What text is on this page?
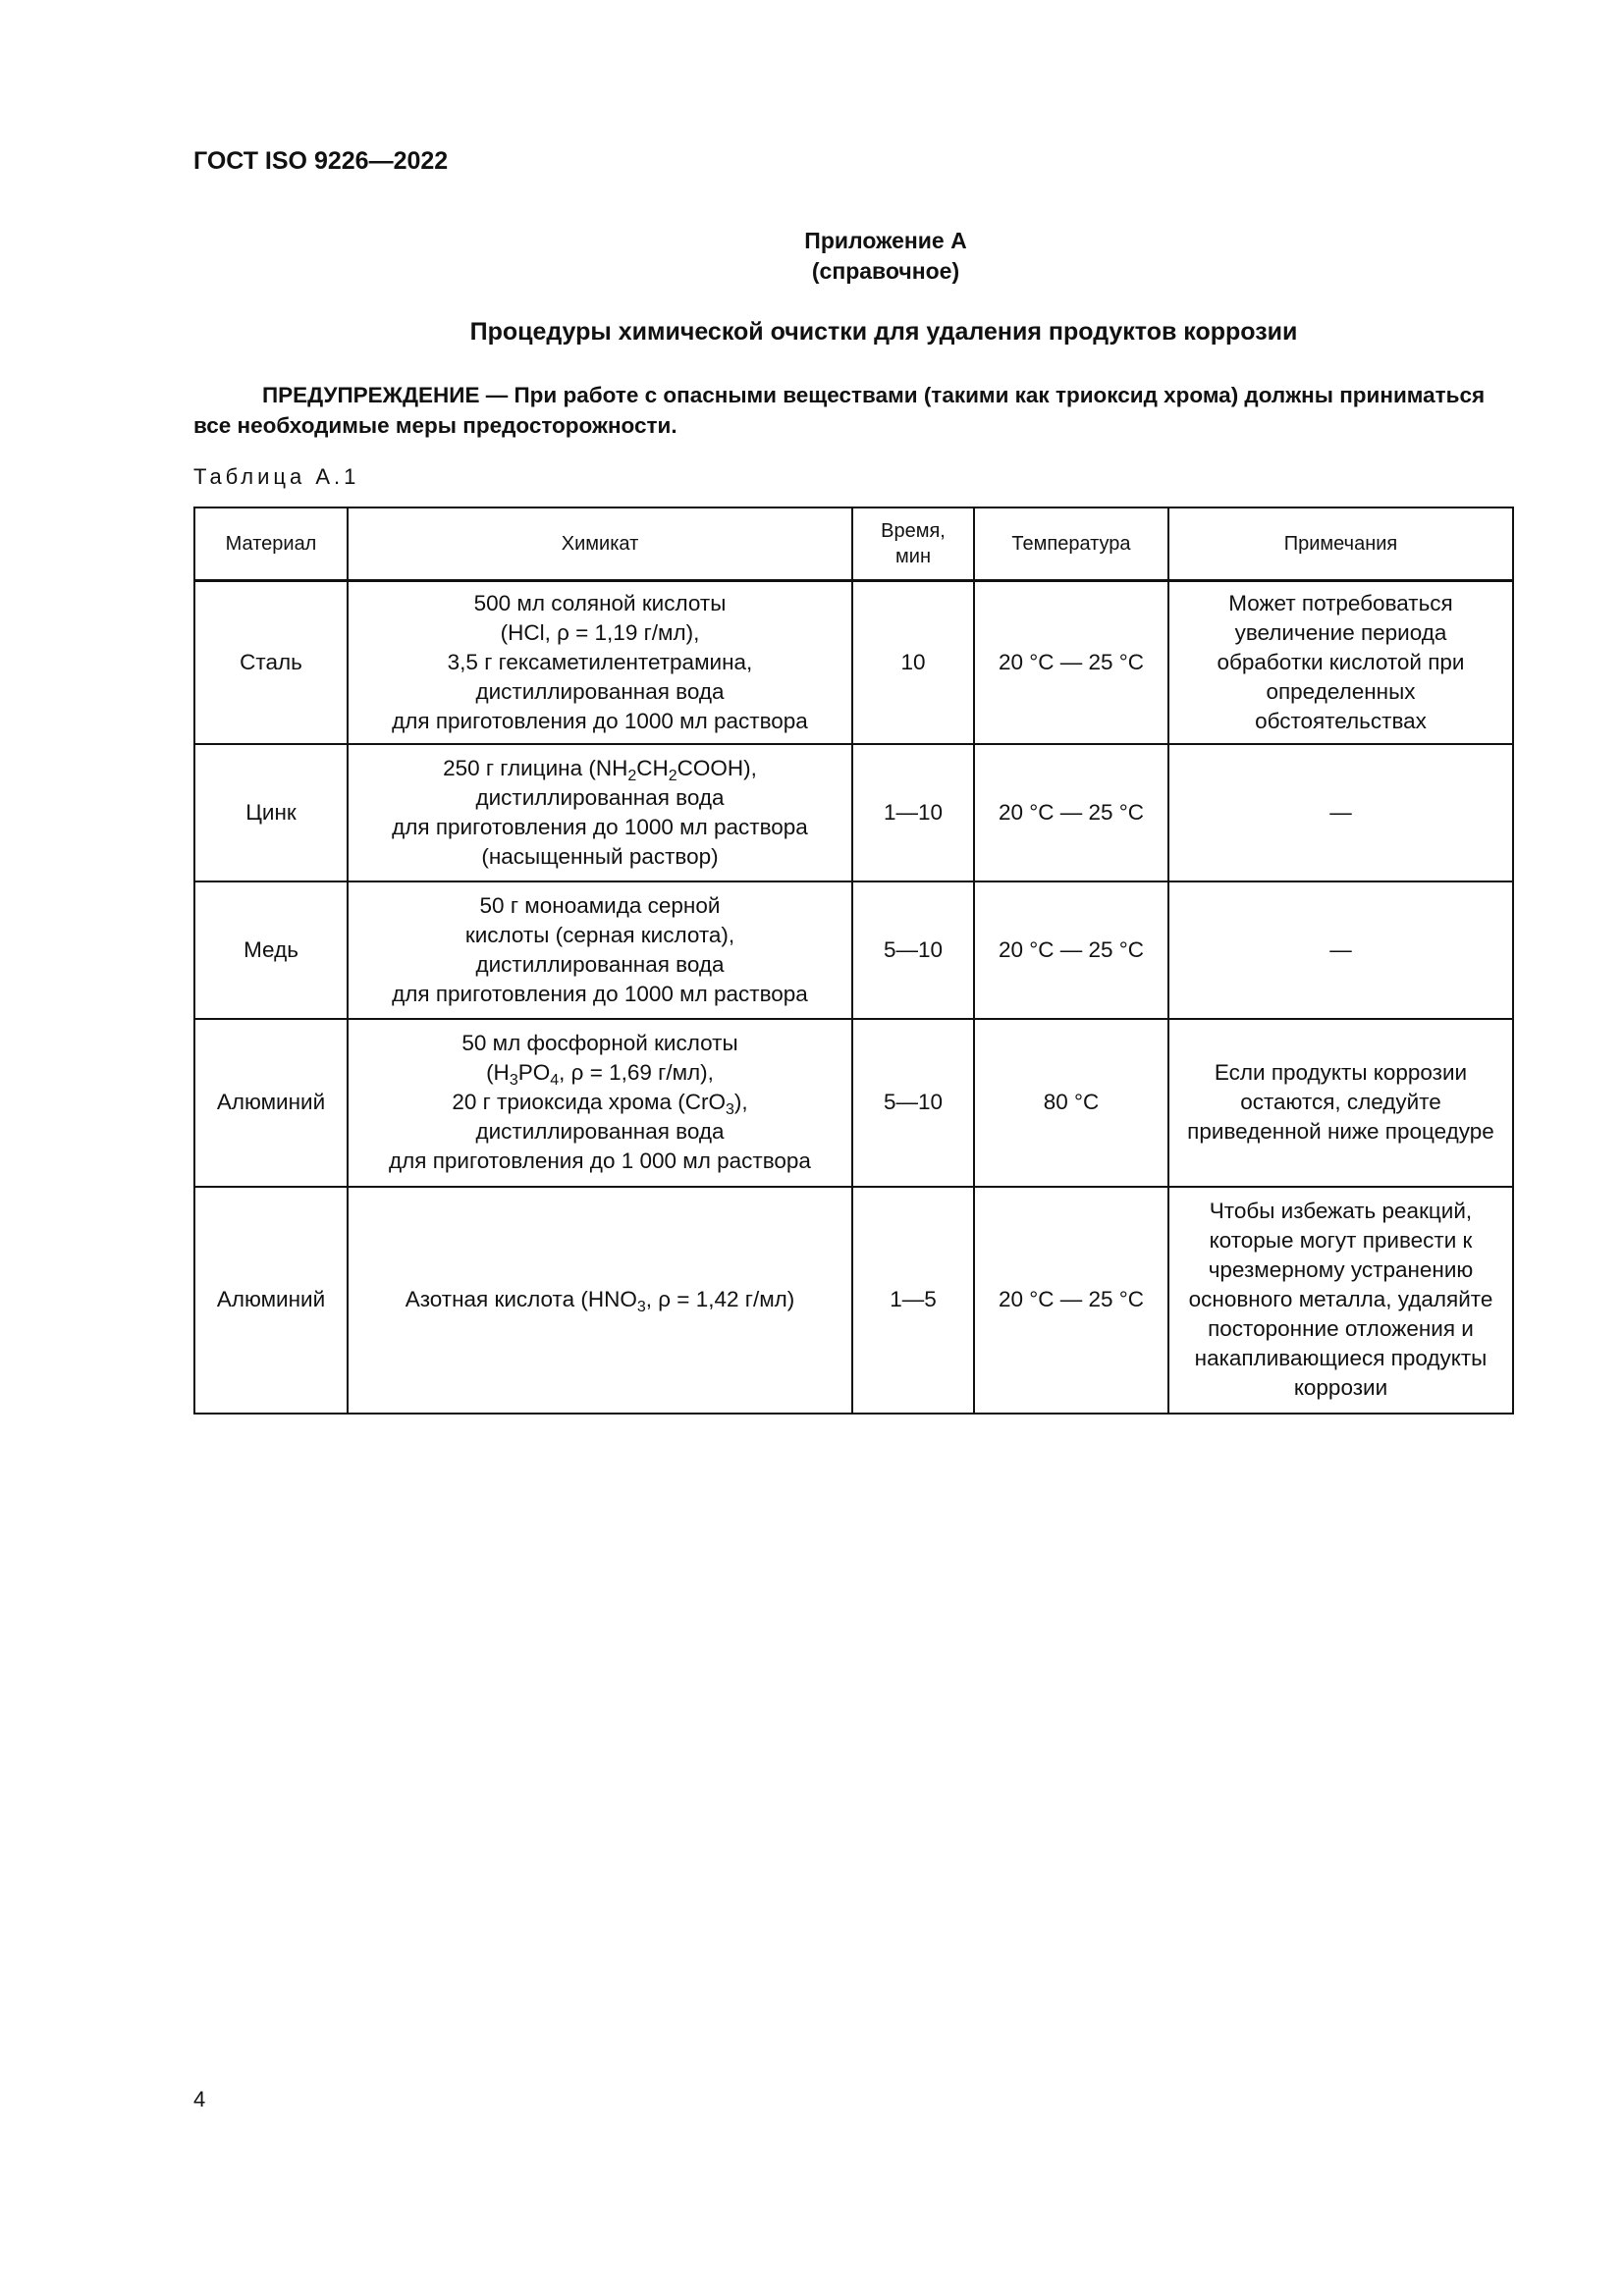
ГОСТ ISO 9226—2022
Приложение А
(справочное)
Процедуры химической очистки для удаления продуктов коррозии
ПРЕДУПРЕЖДЕНИЕ — При работе с опасными веществами (такими как триоксид хрома) должны приниматься все необходимые меры предосторожности.
Таблица А.1
Материал	Химикат	Время, мин	Температура	Примечания
Сталь	500 мл соляной кислоты
(HCl, ρ = 1,19 г/мл),
3,5 г гексаметилентетрамина,
дистиллированная вода
для приготовления до 1000 мл раствора	10	20 °C — 25 °C	Может потребоваться увеличение периода обработки кислотой при определенных обстоятельствах
Цинк	250 г глицина $(NH_2CH_2COOH)$,
дистиллированная вода
для приготовления до 1000 мл раствора
(насыщенный раствор)	1—10	20 °C — 25 °C	—
Медь	50 г моноамида серной
кислоты (серная кислота),
дистиллированная вода
для приготовления до 1000 мл раствора	5—10	20 °C — 25 °C	—
Алюминий	50 мл фосфорной кислоты
($H_3PO_4$, ρ = 1,69 г/мл),
20 г триоксида хрома (CrO$_3$),
дистиллированная вода
для приготовления до 1 000 мл раствора	5—10	80 °C	Если продукты коррозии остаются, следуйте приведенной ниже процедуре
Алюминий	Азотная кислота ($HNO_3$, ρ = 1,42 г/мл)	1—5	20 °C — 25 °C	Чтобы избежать реакций, которые могут привести к чрезмерному устранению основного металла, удаляйте посторонние отложения и накапливающиеся продукты коррозии
4
